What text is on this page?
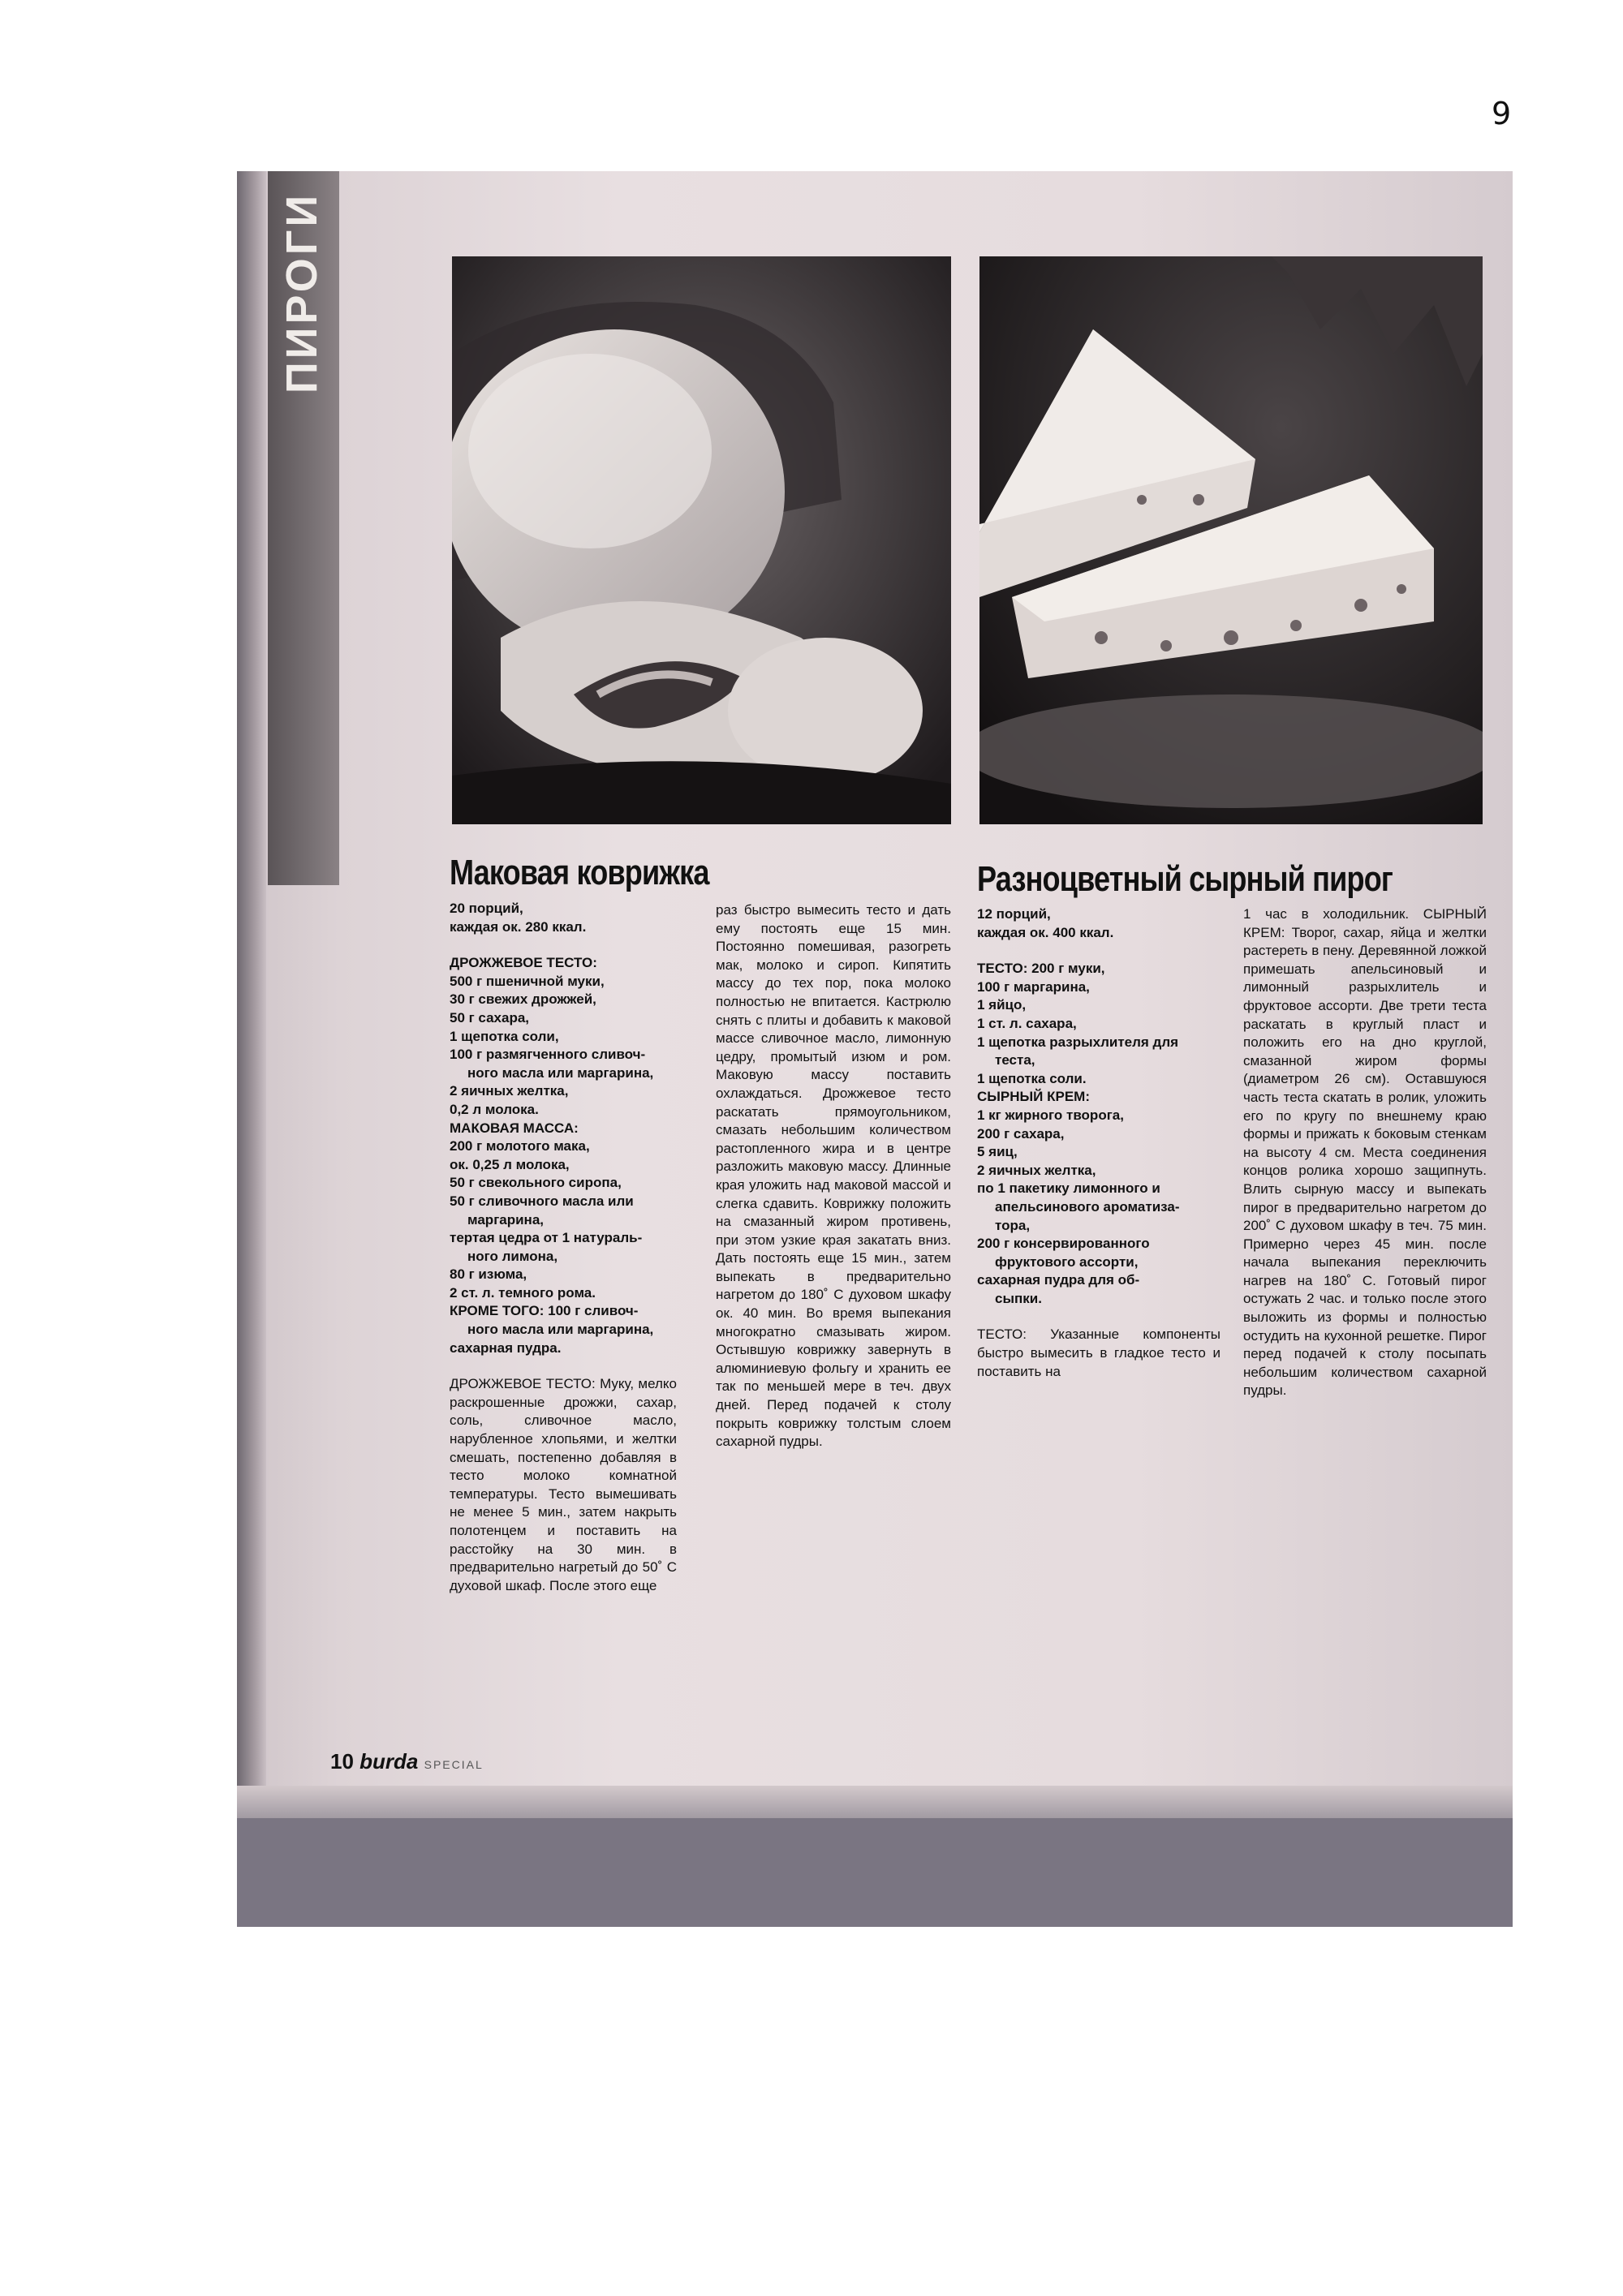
9
ПИРОГИ
Маковая коврижка

20 порций,

каждая ок. 280 ккал.

ДРОЖЖЕВОЕ ТЕСТО:

500 г пшеничной муки,

30 г свежих дрожжей,

50 г сахара,

1 щепотка соли,

100 г размягченного сливоч-

ного масла или маргарина,

2 яичных желтка,

0,2 л молока.

МАКОВАЯ МАССА:

200 г молотого мака,

ок. 0,25 л молока,

50 г свекольного сиропа,

50 г сливочного масла или

маргарина,

тертая цедра от 1 натураль-

ного лимона,

80 г изюма,

2 ст. л. темного рома.

КРОМЕ ТОГО: 100 г сливоч-

ного масла или маргарина,

сахарная пудра.

ДРОЖЖЕВОЕ ТЕСТО: Муку, мелко раскрошенные дрожжи, сахар, соль, сливочное масло, нарубленное хлопьями, и желтки смешать, постепенно добавляя в тесто молоко комнатной температуры. Тесто вымешивать не менее 5 мин., затем накрыть полотенцем и поставить на расстойку на 30 мин. в предварительно нагретый до 50˚ С духовой шкаф. После этого еще

раз быстро вымесить тесто и дать ему постоять еще 15 мин. Постоянно помешивая, разогреть мак, молоко и сироп. Кипятить массу до тех пор, пока молоко полностью не впитается. Кастрюлю снять с плиты и добавить к маковой массе сливочное масло, лимонную цедру, промытый изюм и ром. Маковую массу поставить охлаждаться. Дрожжевое тесто раскатать прямоугольником, смазать небольшим количеством растопленного жира и в центре разложить маковую массу. Длинные края уложить над маковой массой и слегка сдавить. Коврижку положить на смазанный жиром противень, при этом узкие края закатать вниз. Дать постоять еще 15 мин., затем выпекать в предварительно нагретом до 180˚ С духовом шкафу ок. 40 мин. Во время выпекания многократно смазывать жиром. Остывшую коврижку завернуть в алюминиевую фольгу и хранить ее так по меньшей мере в теч. двух дней. Перед подачей к столу покрыть коврижку толстым слоем сахарной пудры.

Разноцветный сырный пирог

12 порций,

каждая ок. 400 ккал.

ТЕСТО: 200 г муки,

100 г маргарина,

1 яйцо,

1 ст. л. сахара,

1 щепотка разрыхлителя для

теста,

1 щепотка соли.

СЫРНЫЙ КРЕМ:

1 кг жирного творога,

200 г сахара,

5 яиц,

2 яичных желтка,

по 1 пакетику лимонного и

апельсинового ароматиза-

тора,

200 г консервированного

фруктового ассорти,

сахарная пудра для об-

сыпки.

ТЕСТО: Указанные компоненты быстро вымесить в гладкое тесто и поставить на

1 час в холодильник. СЫРНЫЙ КРЕМ: Творог, сахар, яйца и желтки растереть в пену. Деревянной ложкой примешать апельсиновый и лимонный разрыхлитель и фруктовое ассорти. Две трети теста раскатать в круглый пласт и положить его на дно круглой, смазанной жиром формы (диаметром 26 см). Оставшуюся часть теста скатать в ролик, уложить его по кругу по внешнему краю формы и прижать к боковым стенкам на высоту 4 см. Места соединения концов ролика хорошо защипнуть. Влить сырную массу и выпекать пирог в предварительно нагретом до 200˚ С духовом шкафу в теч. 75 мин. Примерно через 45 мин. после начала выпекания переключить нагрев на 180˚ С. Готовый пирог остужать 2 час. и только после этого выложить из формы и полностью остудить на кухонной решетке. Пирог перед подачей к столу посыпать небольшим количеством сахарной пудры.

10 burda SPECIAL
